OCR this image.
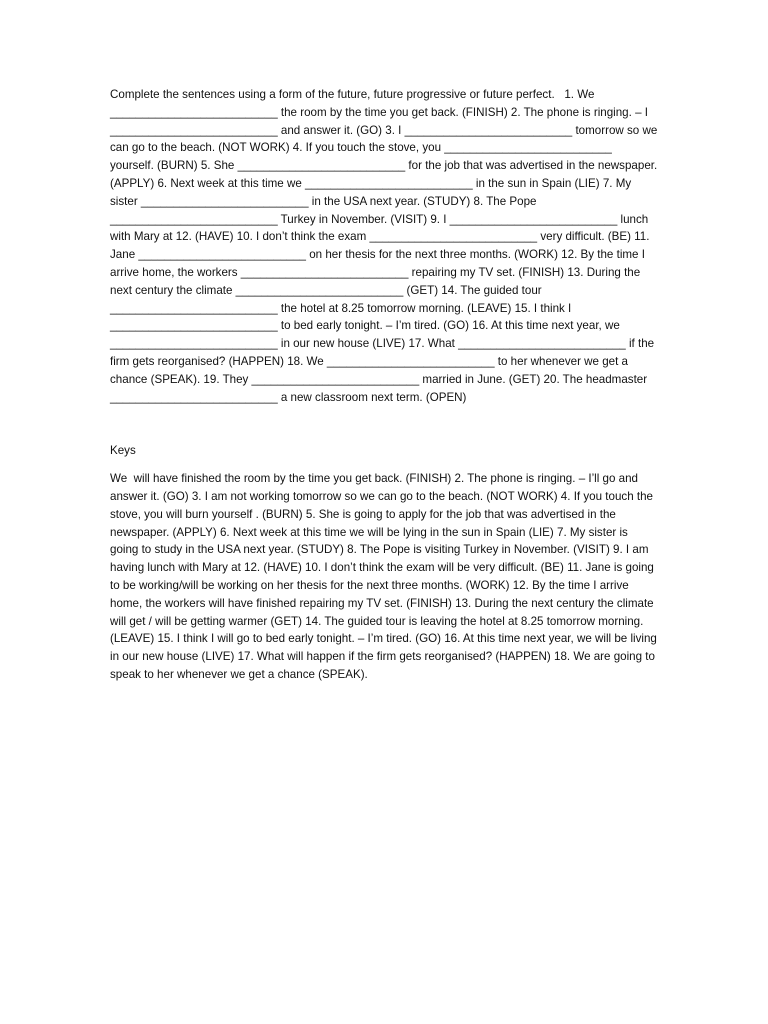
Complete the sentences using a form of the future, future progressive or future perfect.   1. We __________________________ the room by the time you get back. (FINISH) 2. The phone is ringing. – I __________________________ and answer it. (GO) 3. I __________________________ tomorrow so we can go to the beach. (NOT WORK) 4. If you touch the stove, you __________________________ yourself. (BURN) 5. She __________________________ for the job that was advertised in the newspaper. (APPLY) 6. Next week at this time we __________________________ in the sun in Spain (LIE) 7. My sister __________________________ in the USA next year. (STUDY) 8. The Pope __________________________ Turkey in November. (VISIT) 9. I __________________________ lunch with Mary at 12. (HAVE) 10. I don’t think the exam __________________________ very difficult. (BE) 11. Jane __________________________ on her thesis for the next three months. (WORK) 12. By the time I arrive home, the workers __________________________ repairing my TV set. (FINISH) 13. During the next century the climate __________________________ (GET) 14. The guided tour __________________________ the hotel at 8.25 tomorrow morning. (LEAVE) 15. I think I __________________________ to bed early tonight. – I’m tired. (GO) 16. At this time next year, we __________________________ in our new house (LIVE) 17. What __________________________ if the firm gets reorganised? (HAPPEN) 18. We __________________________ to her whenever we get a chance (SPEAK). 19. They __________________________ married in June. (GET) 20. The headmaster __________________________ a new classroom next term. (OPEN)

Keys

We  will have finished the room by the time you get back. (FINISH) 2. The phone is ringing. – I’ll go and answer it. (GO) 3. I am not working tomorrow so we can go to the beach. (NOT WORK) 4. If you touch the stove, you will burn yourself . (BURN) 5. She is going to apply for the job that was advertised in the newspaper. (APPLY) 6. Next week at this time we will be lying in the sun in Spain (LIE) 7. My sister is going to study in the USA next year. (STUDY) 8. The Pope is visiting Turkey in November. (VISIT) 9. I am having lunch with Mary at 12. (HAVE) 10. I don’t think the exam will be very difficult. (BE) 11. Jane is going to be working/will be working on her thesis for the next three months. (WORK) 12. By the time I arrive home, the workers will have finished repairing my TV set. (FINISH) 13. During the next century the climate will get / will be getting warmer (GET) 14. The guided tour is leaving the hotel at 8.25 tomorrow morning. (LEAVE) 15. I think I will go to bed early tonight. – I’m tired. (GO) 16. At this time next year, we will be living in our new house (LIVE) 17. What will happen if the firm gets reorganised? (HAPPEN) 18. We are going to speak to her whenever we get a chance (SPEAK).
